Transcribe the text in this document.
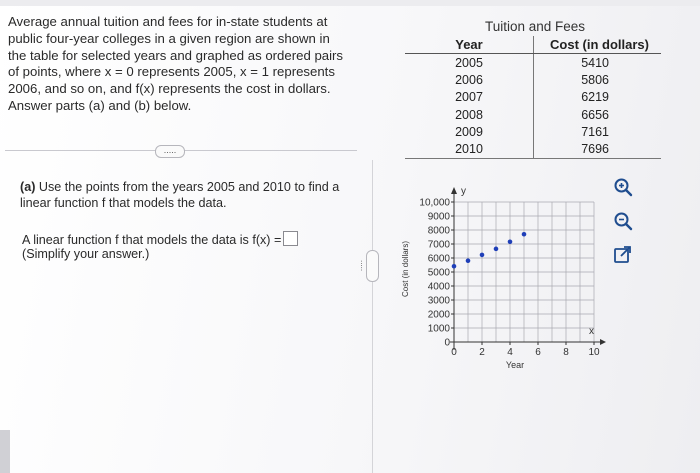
Average annual tuition and fees for in-state students at
public four-year colleges in a given region are shown in
the table for selected years and graphed as ordered pairs
of points, where x = 0 represents 2005, x = 1 represents
2006, and so on, and f(x) represents the cost in dollars.
Answer parts (a) and (b) below.
.....
Tuition and Fees
Year	Cost (in dollars)
2005	5410
2006	5806
2007	6219
2008	6656
2009	7161
2010	7696
(a) Use the points from the years 2005 and 2010 to find a
linear function f that models the data.
A linear function f that models the data is f(x) =
(Simplify your answer.)
0
1000
2000
3000
4000
5000
6000
7000
8000
9000
10,000
0 2 4 6 8 10
y
x
Year
Cost (in dollars)
